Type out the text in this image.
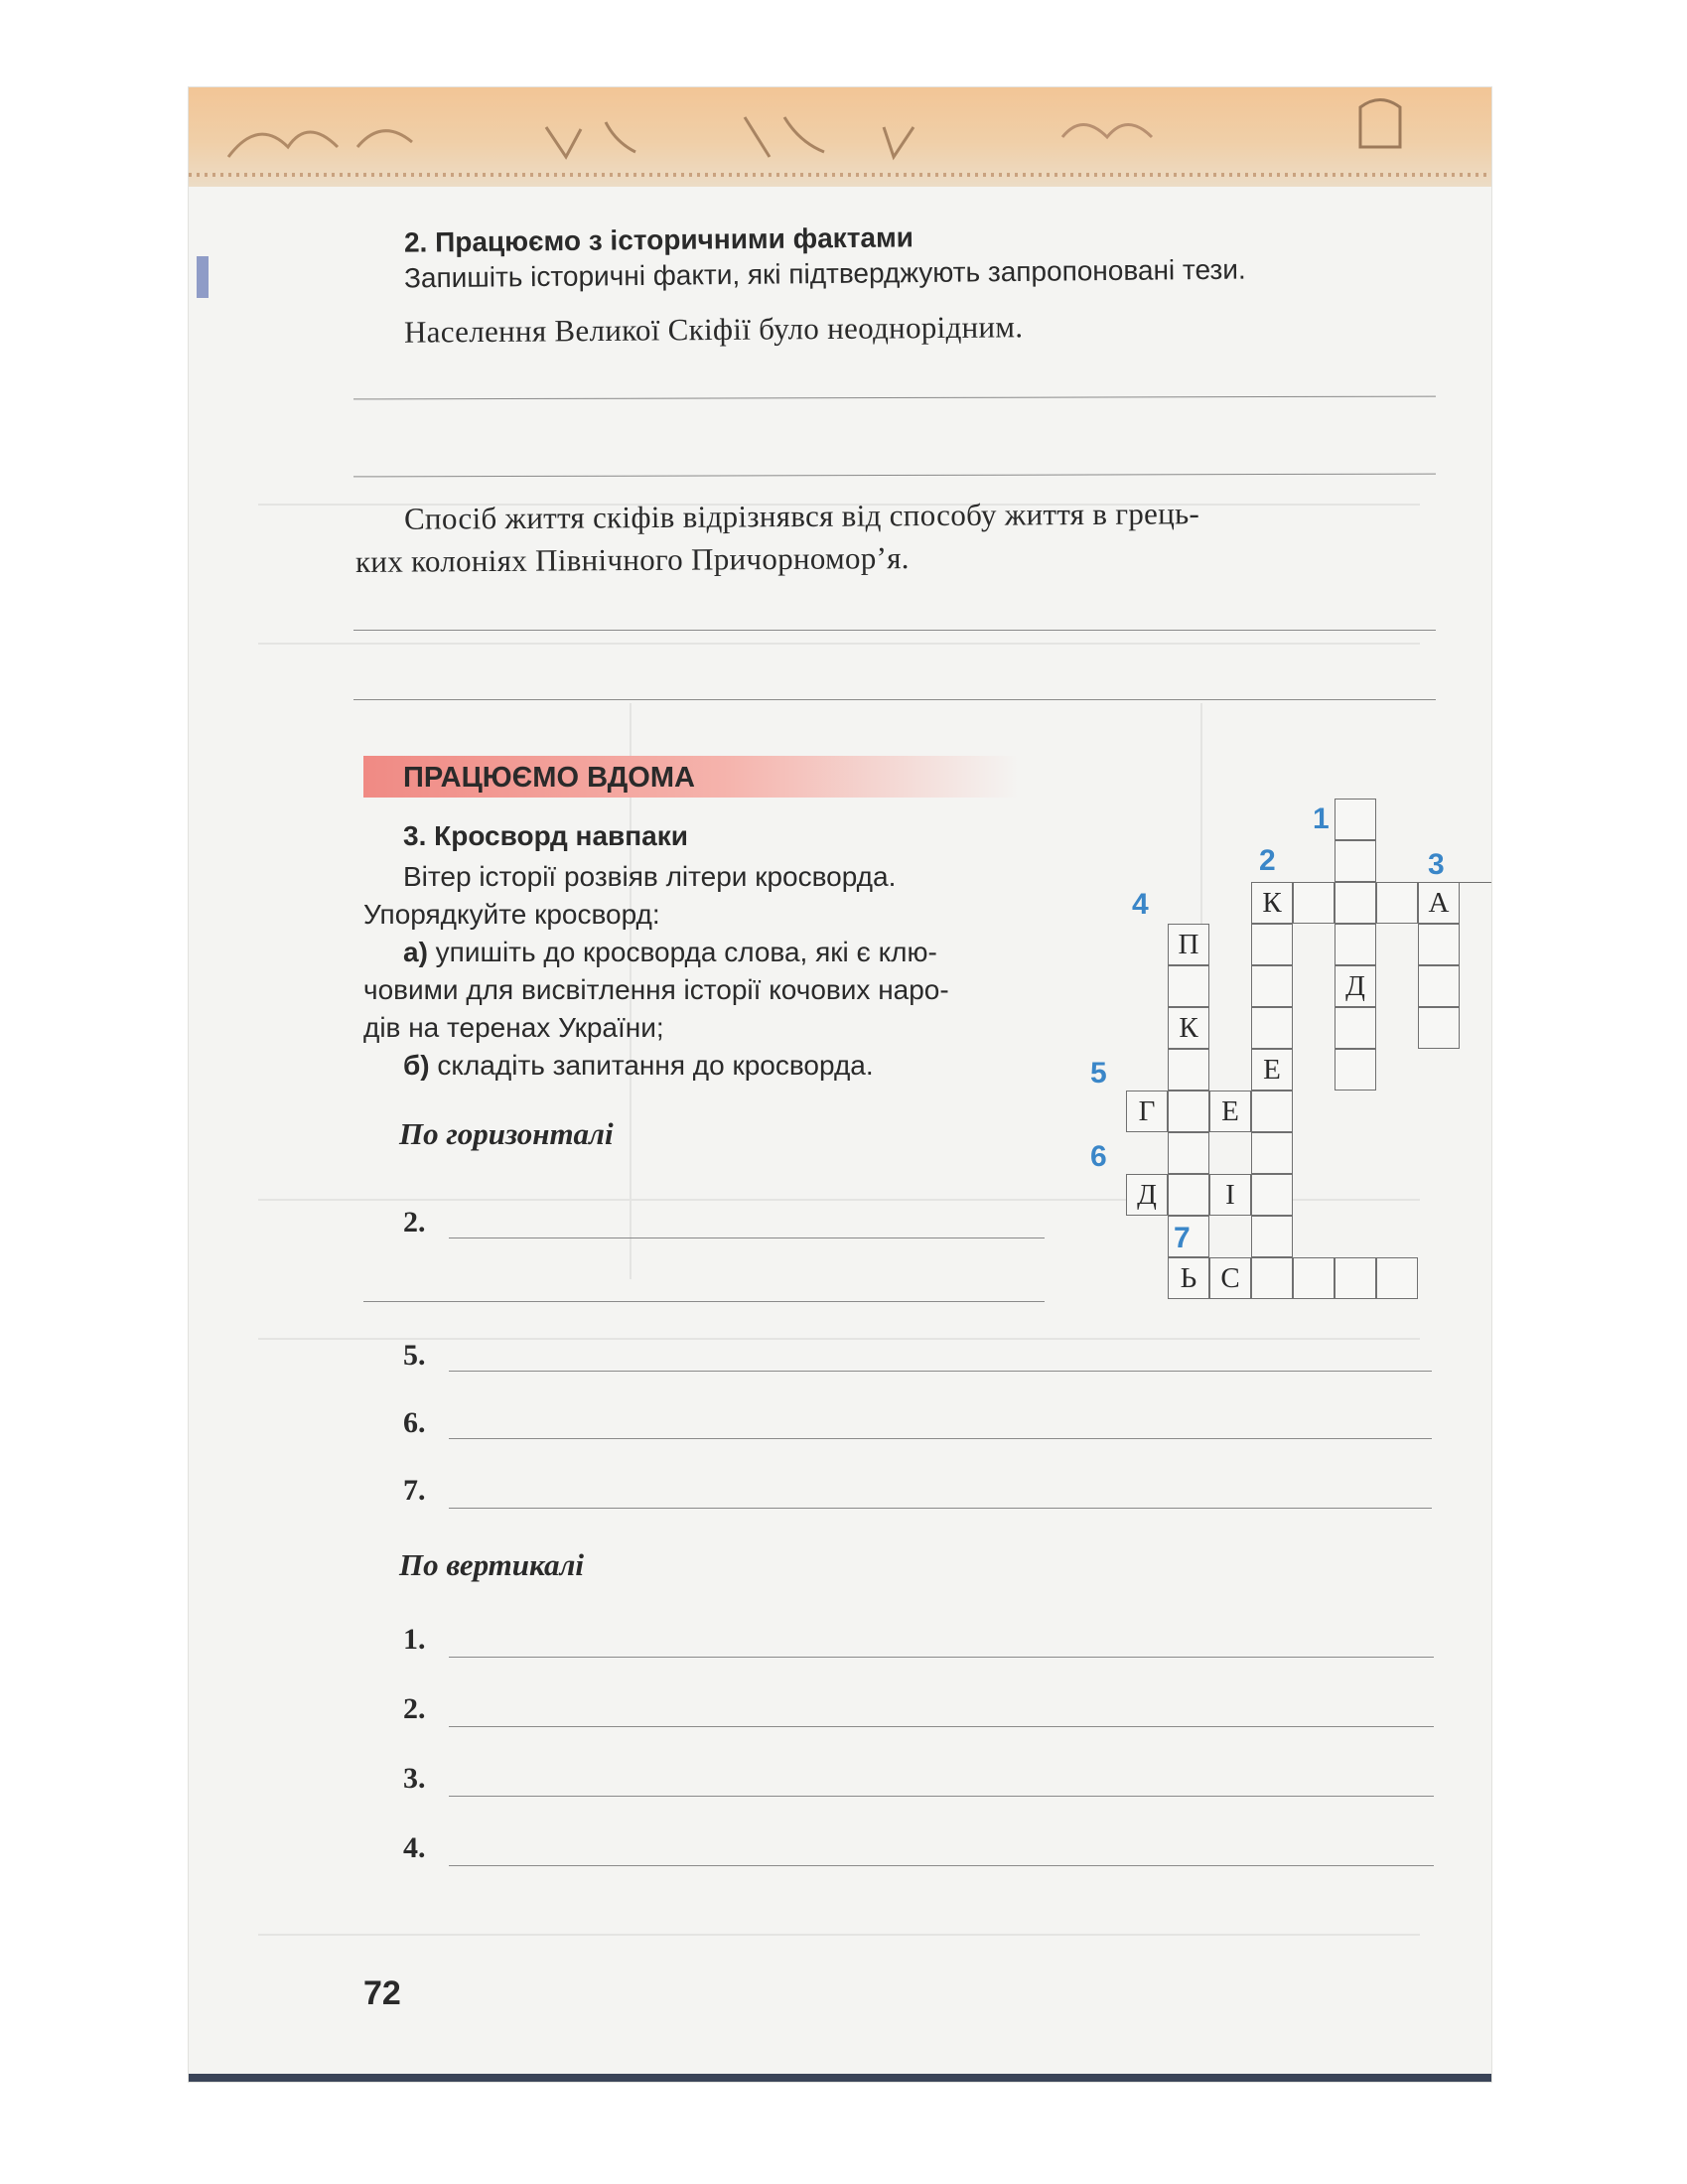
2. Працюємо з історичними фактами
Запишіть історичні факти, які підтверджують запропоновані тези.
Населення Великої Скіфії було неоднорідним.
Спосіб життя скіфів відрізнявся від способу життя в грець-
ких колоніях Північного Причорномор’я.
ПРАЦЮЄМО ВДОМА
3. Кросворд навпаки
Вітер історії розвіяв літери кросворда.
Упорядкуйте кросворд:
а) упишіть до кросворда слова, які є клю-
човими для висвітлення історії кочових наро-
дів на теренах України;
б) складіть запитання до кросворда.
По горизонталі
2.
5.
6.
7.
По вертикалі
1.
2.
3.
4.
Д
А
К
Е
П
К
Ь
Г	Е
Д	І
С
1
2	3
4
5
6
7
72
